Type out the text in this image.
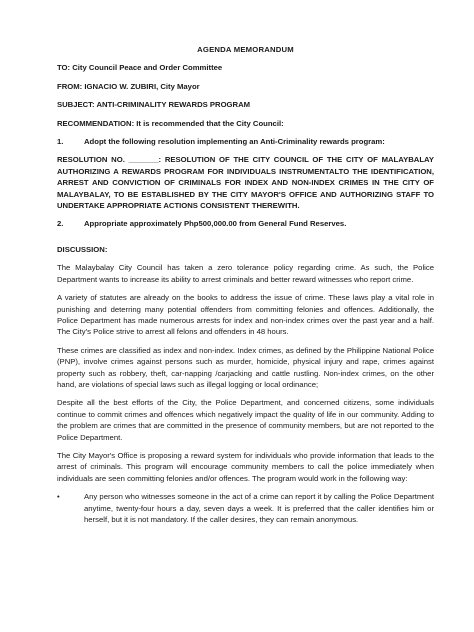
AGENDA MEMORANDUM
TO: City Council Peace and Order Committee
FROM: IGNACIO W. ZUBIRI, City Mayor
SUBJECT: ANTI-CRIMINALITY REWARDS PROGRAM
RECOMMENDATION: It is recommended that the City Council:
1.	Adopt the following resolution implementing an Anti-Criminality rewards program:
RESOLUTION NO. _______: RESOLUTION OF THE CITY COUNCIL OF THE CITY OF MALAYBALAY AUTHORIZING A REWARDS PROGRAM FOR INDIVIDUALS INSTRUMENTALTO THE IDENTIFICATION, ARREST AND CONVICTION OF CRIMINALS FOR INDEX AND NON-INDEX CRIMES IN THE CITY OF MALAYBALAY, TO BE ESTABLISHED BY THE CITY MAYOR'S OFFICE AND AUTHORIZING STAFF TO UNDERTAKE APPROPRIATE ACTIONS CONSISTENT THEREWITH.
2.	Appropriate approximately Php500,000.00 from General Fund Reserves.
DISCUSSION:
The Malaybalay City Council has taken a zero tolerance policy regarding crime. As such, the Police Department wants to increase its ability to arrest criminals and better reward witnesses who report crime.
A variety of statutes are already on the books to address the issue of crime. These laws play a vital role in punishing and deterring many potential offenders from committing felonies and offences. Additionally, the Police Department has made numerous arrests for index and non-index crimes over the past year and a half. The City's Police strive to arrest all felons and offenders in 48 hours.
These crimes are classified as index and non-index. Index crimes, as defined by the Philippine National Police (PNP), involve crimes against persons such as murder, homicide, physical injury and rape, crimes against property such as robbery, theft, car-napping /carjacking and cattle rustling. Non-index crimes, on the other hand, are violations of special laws such as illegal logging or local ordinance;
Despite all the best efforts of the City, the Police Department, and concerned citizens, some individuals continue to commit crimes and offences which negatively impact the quality of life in our community. Adding to the problem are crimes that are committed in the presence of community members, but are not reported to the Police Department.
The City Mayor's Office is proposing a reward system for individuals who provide information that leads to the arrest of criminals. This program will encourage community members to call the police immediately when individuals are seen committing felonies and/or offences. The program would work in the following way:
•	Any person who witnesses someone in the act of a crime can report it by calling the Police Department anytime, twenty-four hours a day, seven days a week. It is preferred that the caller identifies him or herself, but it is not mandatory. If the caller desires, they can remain anonymous.
